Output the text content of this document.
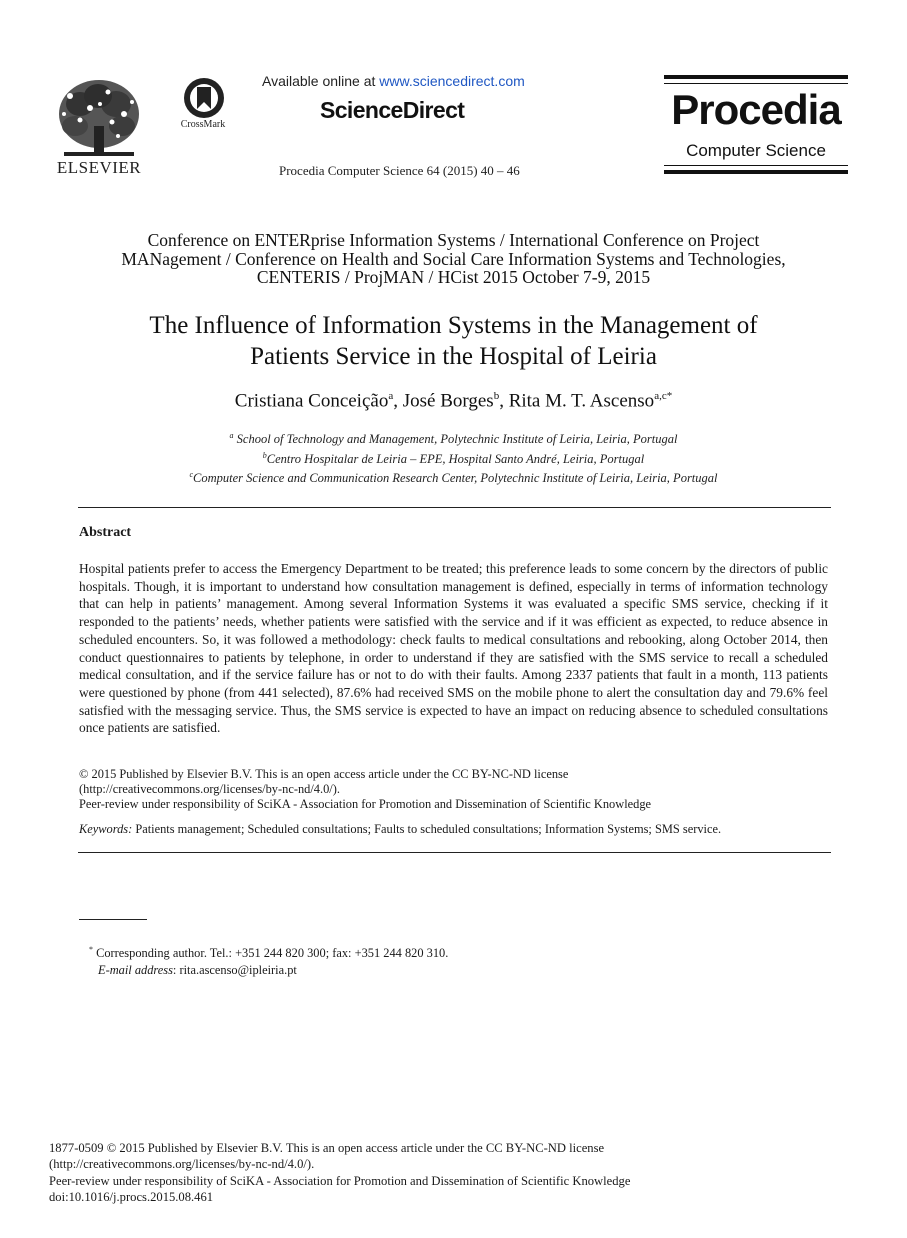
ELSEVIER
CrossMark
Available online at www.sciencedirect.com
ScienceDirect
Procedia Computer Science 64 (2015) 40 – 46
Procedia
Computer Science
Conference on ENTERprise Information Systems / International Conference on Project
MANagement / Conference on Health and Social Care Information Systems and Technologies,
CENTERIS / ProjMAN / HCist 2015 October 7-9, 2015
The Influence of Information Systems in the Management of
Patients Service in the Hospital of Leiria
Cristiana Conceição$^a$, José Borges$^b$, Rita M. T. Ascenso$^{a,c*}$
$^a$ School of Technology and Management, Polytechnic Institute of Leiria, Leiria, Portugal
$^b$Centro Hospitalar de Leiria – EPE, Hospital Santo André, Leiria, Portugal
$^c$Computer Science and Communication Research Center, Polytechnic Institute of Leiria, Leiria, Portugal
Abstract
Hospital patients prefer to access the Emergency Department to be treated; this preference leads to some concern by the directors of public hospitals. Though, it is important to understand how consultation management is defined, especially in terms of information technology that can help in patients’ management. Among several Information Systems it was evaluated a specific SMS service, checking if it responded to the patients’ needs, whether patients were satisfied with the service and if it was efficient as expected, to reduce absence in scheduled encounters. So, it was followed a methodology: check faults to medical consultations and rebooking, along October 2014, then conduct questionnaires to patients by telephone, in order to understand if they are satisfied with the SMS service to recall a scheduled medical consultation, and if the service failure has or not to do with their faults. Among 2337 patients that fault in a month, 113 patients were questioned by phone (from 441 selected), 87.6% had received SMS on the mobile phone to alert the consultation day and 79.6% feel satisfied with the messaging service. Thus, the SMS service is expected to have an impact on reducing absence to scheduled consultations once patients are satisfied.
© 2015 Published by Elsevier B.V. This is an open access article under the CC BY-NC-ND license
(http://creativecommons.org/licenses/by-nc-nd/4.0/).
Peer-review under responsibility of SciKA - Association for Promotion and Dissemination of Scientific Knowledge
Keywords: Patients management; Scheduled consultations; Faults to scheduled consultations; Information Systems; SMS service.
* Corresponding author. Tel.: +351 244 820 300; fax: +351 244 820 310.
E-mail address: rita.ascenso@ipleiria.pt
1877-0509 © 2015 Published by Elsevier B.V. This is an open access article under the CC BY-NC-ND license
(http://creativecommons.org/licenses/by-nc-nd/4.0/).
Peer-review under responsibility of SciKA - Association for Promotion and Dissemination of Scientific Knowledge
doi:10.1016/j.procs.2015.08.461
